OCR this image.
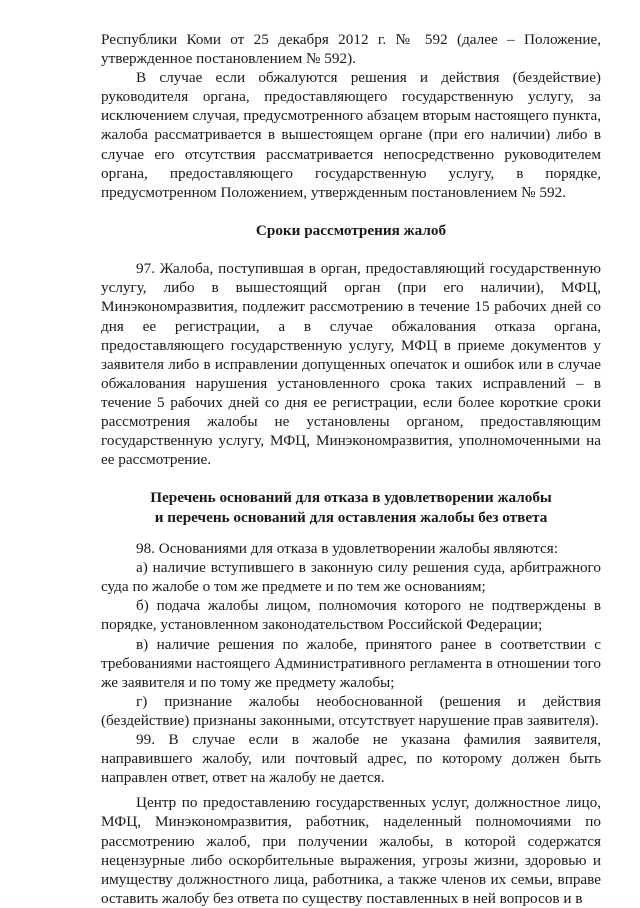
Республики Коми от 25 декабря 2012 г. № 592 (далее – Положение, утвержденное постановлением № 592).

В случае если обжалуются решения и действия (бездействие) руководителя органа, предоставляющего государственную услугу, за исключением случая, предусмотренного абзацем вторым настоящего пункта, жалоба рассматривается в вышестоящем органе (при его наличии) либо в случае его отсутствия рассматривается непосредственно руководителем органа, предоставляющего государственную услугу, в порядке, предусмотренном Положением, утвержденным постановлением № 592.

Сроки рассмотрения жалоб

97. Жалоба, поступившая в орган, предоставляющий государственную услугу, либо в вышестоящий орган (при его наличии), МФЦ, Минэкономразвития, подлежит рассмотрению в течение 15 рабочих дней со дня ее регистрации, а в случае обжалования отказа органа, предоставляющего государственную услугу, МФЦ в приеме документов у заявителя либо в исправлении допущенных опечаток и ошибок или в случае обжалования нарушения установленного срока таких исправлений – в течение 5 рабочих дней со дня ее регистрации, если более короткие сроки рассмотрения жалобы не установлены органом, предоставляющим государственную услугу, МФЦ, Минэкономразвития, уполномоченными на ее рассмотрение.

Перечень оснований для отказа в удовлетворении жалобы
и перечень оснований для оставления жалобы без ответа

98. Основаниями для отказа в удовлетворении жалобы являются:

а) наличие вступившего в законную силу решения суда, арбитражного суда по жалобе о том же предмете и по тем же основаниям;

б) подача жалобы лицом, полномочия которого не подтверждены в порядке, установленном законодательством Российской Федерации;

в) наличие решения по жалобе, принятого ранее в соответствии с требованиями настоящего Административного регламента в отношении того же заявителя и по тому же предмету жалобы;

г) признание жалобы необоснованной (решения и действия (бездействие) признаны законными, отсутствует нарушение прав заявителя).

99. В случае если в жалобе не указана фамилия заявителя, направившего жалобу, или почтовый адрес, по которому должен быть направлен ответ, ответ на жалобу не дается.

Центр по предоставлению государственных услуг, должностное лицо, МФЦ, Минэкономразвития, работник, наделенный полномочиями по рассмотрению жалоб, при получении жалобы, в которой содержатся нецензурные либо оскорбительные выражения, угрозы жизни, здоровью и имуществу должностного лица, работника, а также членов их семьи, вправе оставить жалобу без ответа по существу поставленных в ней вопросов и в
